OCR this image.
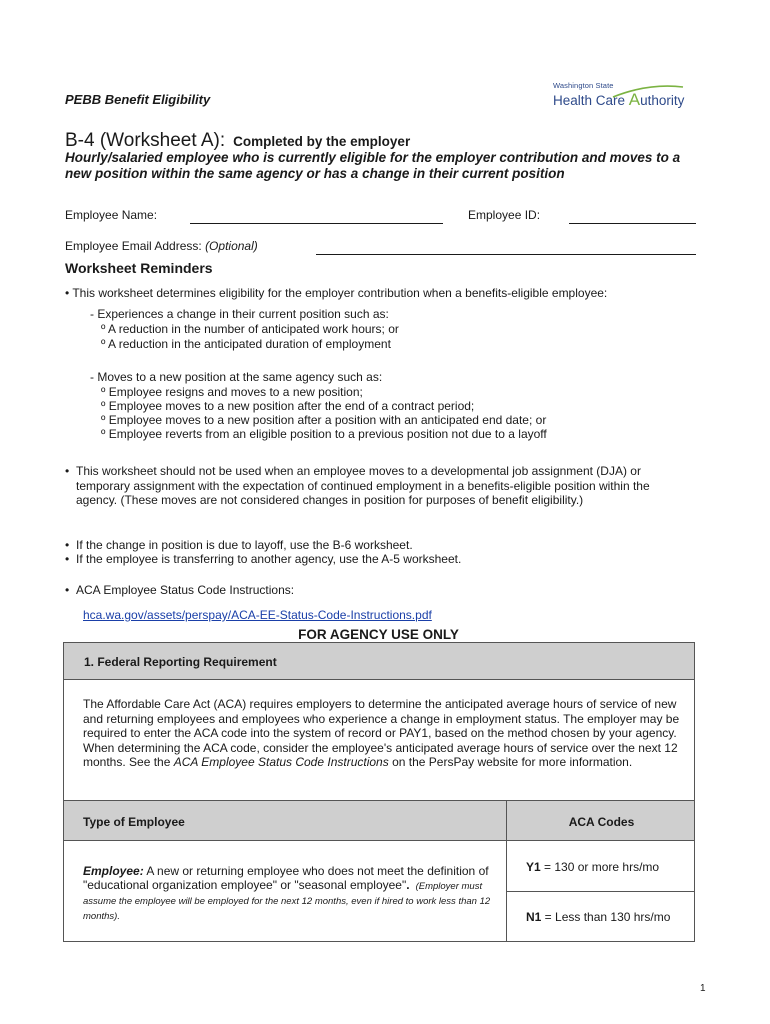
PEBB Benefit Eligibility
Washington State
Health Care Authority
B-4 (Worksheet A): Completed by the employer
Hourly/salaried employee who is currently eligible for the employer contribution and moves to a new position within the same agency or has a change in their current position
Employee Name:	Employee ID:
Employee Email Address: (Optional)
Worksheet Reminders
• This worksheet determines eligibility for the employer contribution when a benefits-eligible employee:
- Experiences a change in their current position such as:
º A reduction in the number of anticipated work hours; or
º A reduction in the anticipated duration of employment
- Moves to a new position at the same agency such as:
º Employee resigns and moves to a new position;
º Employee moves to a new position after the end of a contract period;
º Employee moves to a new position after a position with an anticipated end date; or
º Employee reverts from an eligible position to a previous position not due to a layoff
• This worksheet should not be used when an employee moves to a developmental job assignment (DJA) or temporary assignment with the expectation of continued employment in a benefits-eligible position within the agency. (These moves are not considered changes in position for purposes of benefit eligibility.)
• If the change in position is due to layoff, use the B-6 worksheet.
• If the employee is transferring to another agency, use the A-5 worksheet.
• ACA Employee Status Code Instructions:
hca.wa.gov/assets/perspay/ACA-EE-Status-Code-Instructions.pdf
FOR AGENCY USE ONLY
1. Federal Reporting Requirement
The Affordable Care Act (ACA) requires employers to determine the anticipated average hours of service of new and returning employees and employees who experience a change in employment status. The employer may be required to enter the ACA code into the system of record or PAY1, based on the method chosen by your agency. When determining the ACA code, consider the employee's anticipated average hours of service over the next 12 months. See the ACA Employee Status Code Instructions on the PersPay website for more information.
Type of Employee	ACA Codes
Employee: A new or returning employee who does not meet the definition of "educational organization employee" or "seasonal employee". (Employer must assume the employee will be employed for the next 12 months, even if hired to work less than 12 months).
Y1 = 130 or more hrs/mo
N1 = Less than 130 hrs/mo
1
